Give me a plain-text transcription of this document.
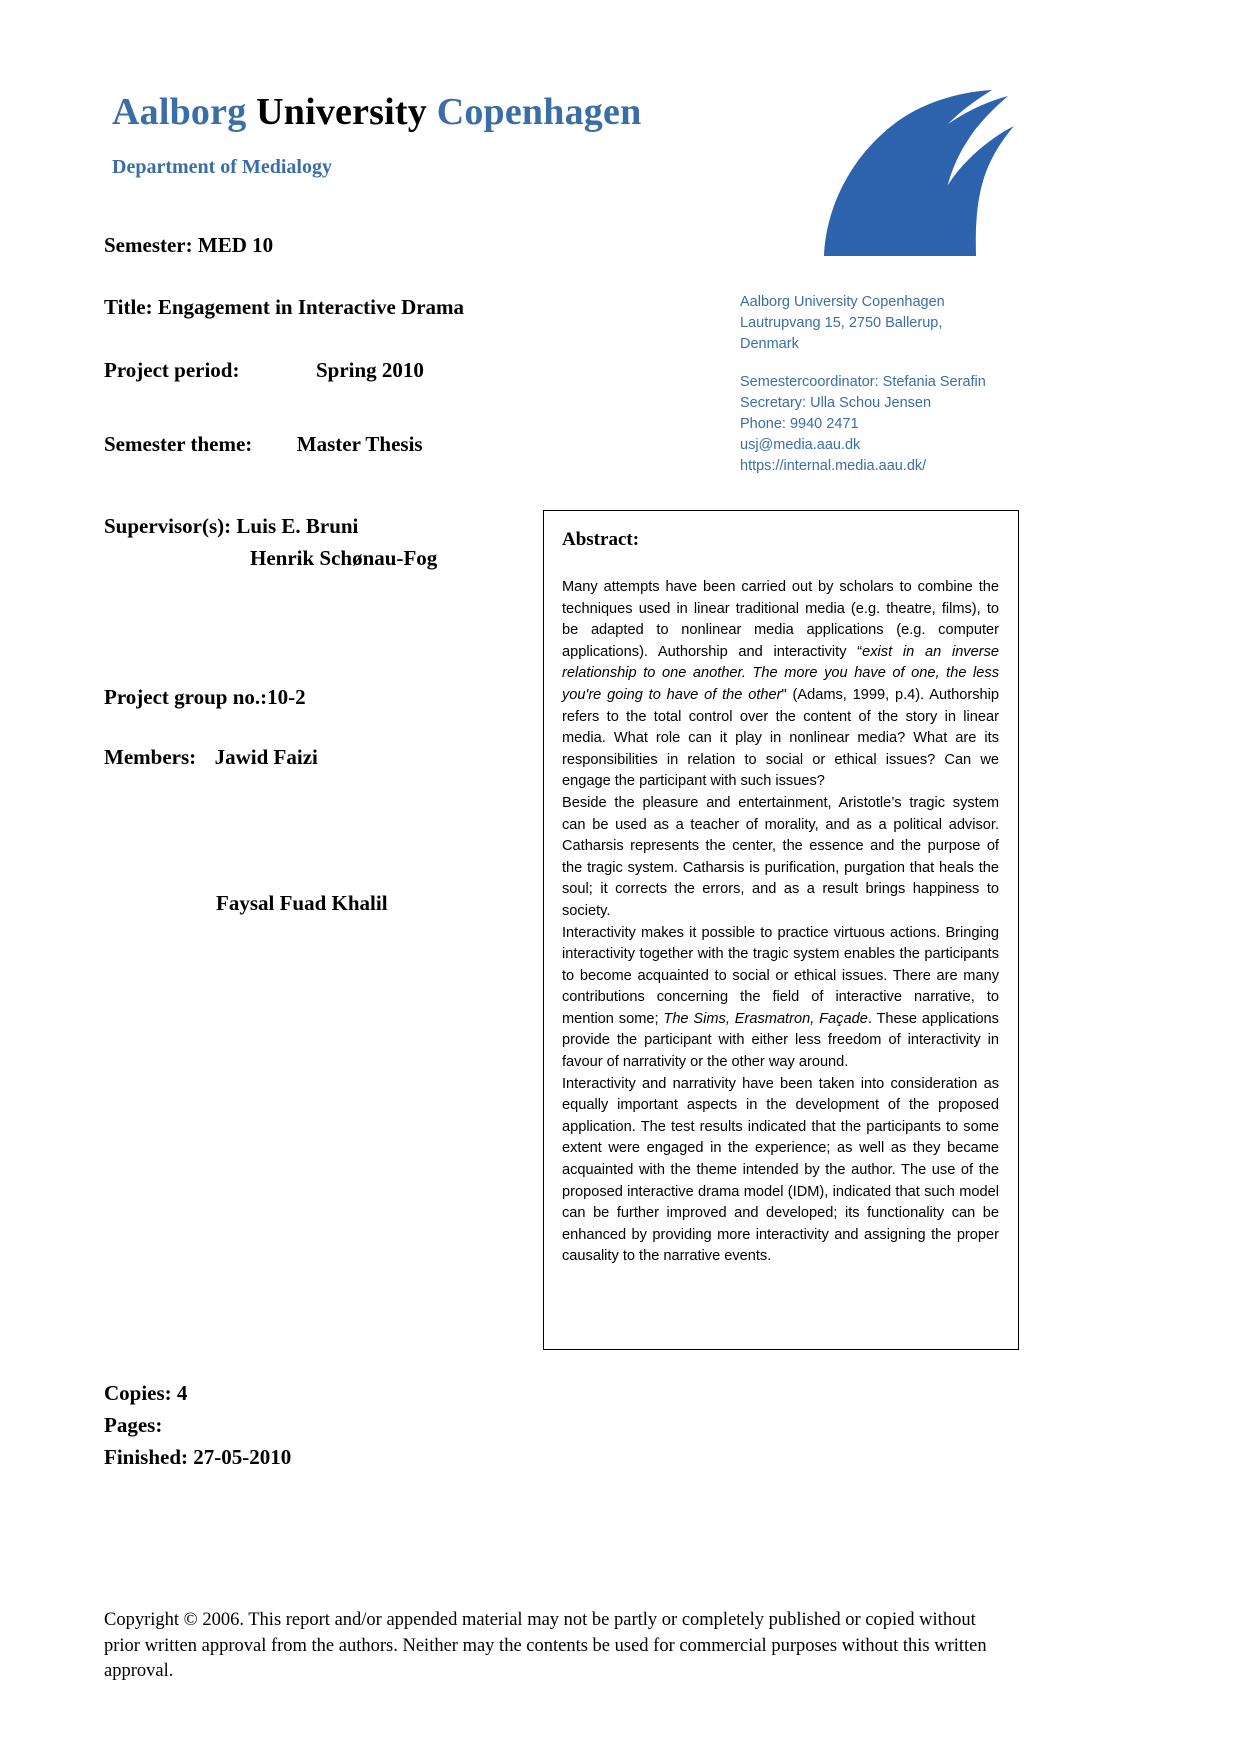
Aalborg University Copenhagen
Department of Medialogy
Aalborg University Copenhagen
Lautrupvang 15, 2750 Ballerup,
Denmark
Semestercoordinator: Stefania Serafin
Secretary: Ulla Schou Jensen
Phone: 9940 2471
usj@media.aau.dk
https://internal.media.aau.dk/
Semester: MED 10
Title: Engagement in Interactive Drama
Project period:	Spring 2010
Semester theme: Master Thesis
Supervisor(s): Luis E. Bruni
Henrik Schønau-Fog
Project group no.:10-2
Members: Jawid Faizi
Faysal Fuad Khalil
Copies: 4
Pages:
Finished: 27-05-2010
Abstract:

Many attempts have been carried out by scholars to combine the techniques used in linear traditional media (e.g. theatre, films), to be adapted to nonlinear media applications (e.g. computer applications). Authorship and interactivity “exist in an inverse relationship to one another. The more you have of one, the less you're going to have of the other" (Adams, 1999, p.4). Authorship refers to the total control over the content of the story in linear media. What role can it play in nonlinear media? What are its responsibilities in relation to social or ethical issues? Can we engage the participant with such issues?

Beside the pleasure and entertainment, Aristotle’s tragic system can be used as a teacher of morality, and as a political advisor. Catharsis represents the center, the essence and the purpose of the tragic system. Catharsis is purification, purgation that heals the soul; it corrects the errors, and as a result brings happiness to society.

Interactivity makes it possible to practice virtuous actions. Bringing interactivity together with the tragic system enables the participants to become acquainted to social or ethical issues. There are many contributions concerning the field of interactive narrative, to mention some; The Sims, Erasmatron, Façade. These applications provide the participant with either less freedom of interactivity in favour of narrativity or the other way around.

Interactivity and narrativity have been taken into consideration as equally important aspects in the development of the proposed application. The test results indicated that the participants to some extent were engaged in the experience; as well as they became acquainted with the theme intended by the author. The use of the proposed interactive drama model (IDM), indicated that such model can be further improved and developed; its functionality can be enhanced by providing more interactivity and assigning the proper causality to the narrative events.

Copyright © 2006. This report and/or appended material may not be partly or completely published or copied without prior written approval from the authors. Neither may the contents be used for commercial purposes without this written approval.
